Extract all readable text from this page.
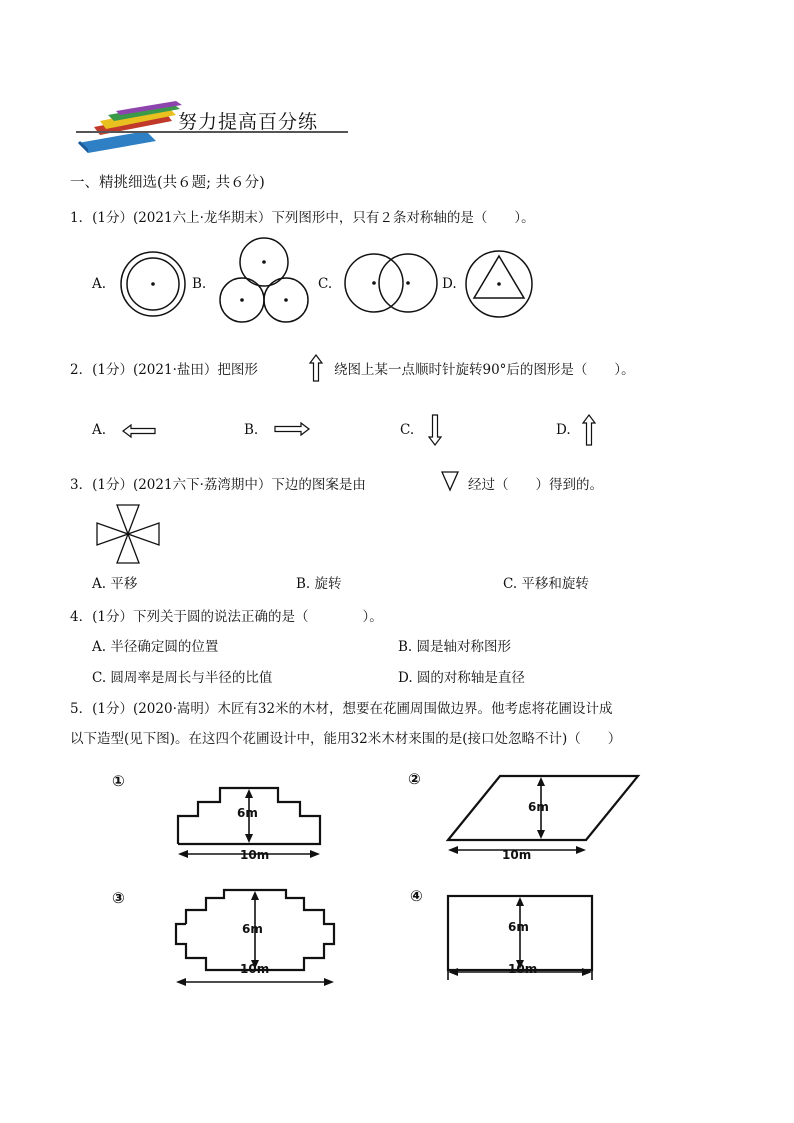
努力提高百分练
一、精挑细选(共６题; 共６分)
1．(1分）(2021六上·龙华期末）下列图形中，只有２条对称轴的是（　　）。
A.	B.	C.	D.
2．(1分）(2021·盐田）把图形	绕图上某一点顺时针旋转90°后的图形是（　　）。
A.	B.	C.	D.
3．(1分）(2021六下·荔湾期中）下边的图案是由	经过（　　）得到的。
A. 平移	B. 旋转	C. 平移和旋转
4．(1分）下列关于圆的说法正确的是（　　　　）。
A. 半径确定圆的位置	B. 圆是轴对称图形
C. 圆周率是周长与半径的比值	D. 圆的对称轴是直径
5．(1分）(2020·嵩明）木匠有32米的木材，想要在花圃周围做边界。他考虑将花圃设计成
以下造型(见下图)。在这四个花圃设计中，能用32米木材来围的是(接口处忽略不计)（　　）
①
6m
10m
②
6m
10m
③
6m
10m
④
6m
10m
